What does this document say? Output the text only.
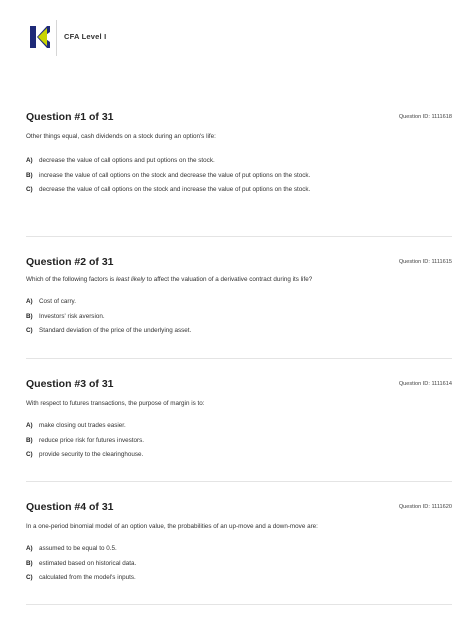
CFA Level I
Question #1 of 31	Question ID: 1111618
Other things equal, cash dividends on a stock during an option's life:
A) decrease the value of call options and put options on the stock.
B) increase the value of call options on the stock and decrease the value of put options on the stock.
C) decrease the value of call options on the stock and increase the value of put options on the stock.
Question #2 of 31	Question ID: 1111615
Which of the following factors is least likely to affect the valuation of a derivative contract during its life?
A) Cost of carry.
B) Investors' risk aversion.
C) Standard deviation of the price of the underlying asset.
Question #3 of 31	Question ID: 1111614
With respect to futures transactions, the purpose of margin is to:
A) make closing out trades easier.
B) reduce price risk for futures investors.
C) provide security to the clearinghouse.
Question #4 of 31	Question ID: 1111620
In a one-period binomial model of an option value, the probabilities of an up-move and a down-move are:
A) assumed to be equal to 0.5.
B) estimated based on historical data.
C) calculated from the model's inputs.
